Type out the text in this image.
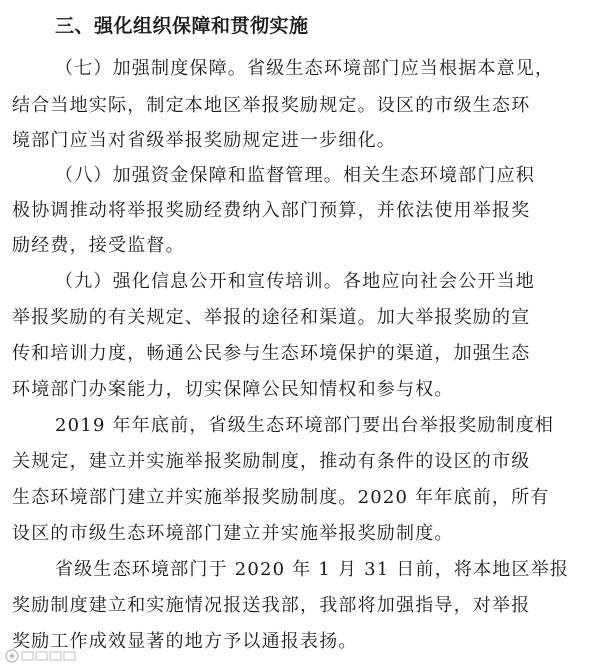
三、强化组织保障和贯彻实施
（七）加强制度保障。省级生态环境部门应当根据本意见，
结合当地实际，制定本地区举报奖励规定。设区的市级生态环
境部门应当对省级举报奖励规定进一步细化。
（八）加强资金保障和监督管理。相关生态环境部门应积
极协调推动将举报奖励经费纳入部门预算，并依法使用举报奖
励经费，接受监督。
（九）强化信息公开和宣传培训。各地应向社会公开当地
举报奖励的有关规定、举报的途径和渠道。加大举报奖励的宣
传和培训力度，畅通公民参与生态环境保护的渠道，加强生态
环境部门办案能力，切实保障公民知情权和参与权。
2019 年年底前，省级生态环境部门要出台举报奖励制度相
关规定，建立并实施举报奖励制度，推动有条件的设区的市级
生态环境部门建立并实施举报奖励制度。2020 年年底前，所有
设区的市级生态环境部门建立并实施举报奖励制度。
省级生态环境部门于 2020 年 1 月 31 日前，将本地区举报
奖励制度建立和实施情况报送我部，我部将加强指导，对举报
奖励工作成效显著的地方予以通报表扬。
